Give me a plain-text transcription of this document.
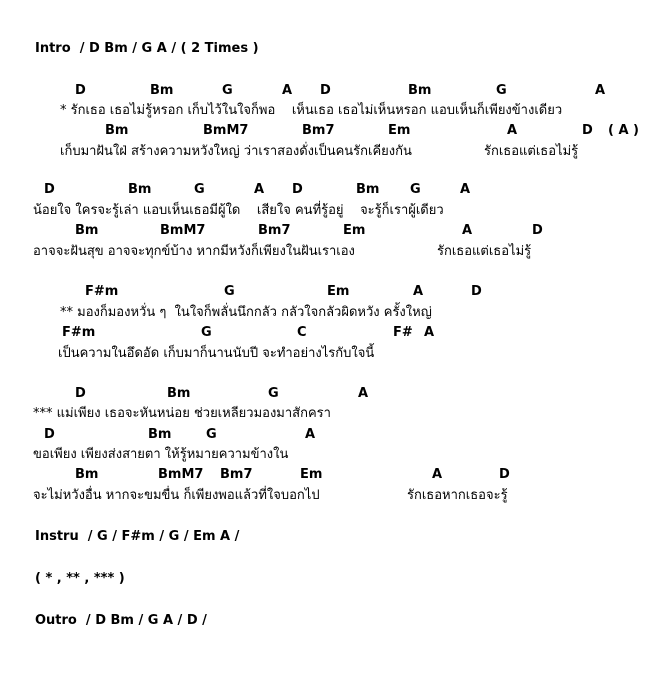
Intro  / D Bm / G A / ( 2 Times )
D	Bm	G	A D	Bm	G	A
* รักเธอ เธอไม่รู้หรอก เก็บไว้ในใจก็พอ    เห็นเธอ เธอไม่เห็นหรอก แอบเห็นก็เพียงข้างเดียว
Bm	BmM7	Bm7	Em	A	D ( A )
เก็บมาฝันใฝ่ สร้างความหวังใหญ่ ว่าเราสองดั่งเป็นคนรักเคียงกัน	รักเธอแต่เธอไม่รู้
D	Bm	G	A D	Bm G	A
น้อยใจ ใครจะรู้เล่า แอบเห็นเธอมีผู้ใด    เสียใจ คนที่รู้อยู่    จะรู้ก็เราผู้เดียว
Bm	BmM7	Bm7	Em	A	D
อาจจะฝันสุข อาจจะทุกข์บ้าง หากมีหวังก็เพียงในฝันเราเอง	รักเธอแต่เธอไม่รู้
F#m	G	Em	A	D
** มองก็มองหวั่น ๆ  ในใจก็พลั่นนึกกลัว กลัวใจกลัวผิดหวัง ครั้งใหญ่
F#m	G	C	F# A
เป็นความในอึดอัด เก็บมาก็นานนับปี จะทำอย่างไรกับใจนี้
D	Bm	G	A
*** แม่เพียง เธอจะหันหน่อย ช่วยเหลียวมองมาสักครา
D	Bm	G	A
ขอเพียง เพียงส่งสายตา ให้รู้หมายความข้างใน
Bm	BmM7 Bm7	Em	A	D
จะไม่หวังอื่น หากจะขมขื่น ก็เพียงพอแล้วที่ใจบอกไป	รักเธอหากเธอจะรู้
Instru  / G / F#m / G / Em A /
( * , ** , *** )
Outro  / D Bm / G A / D /
